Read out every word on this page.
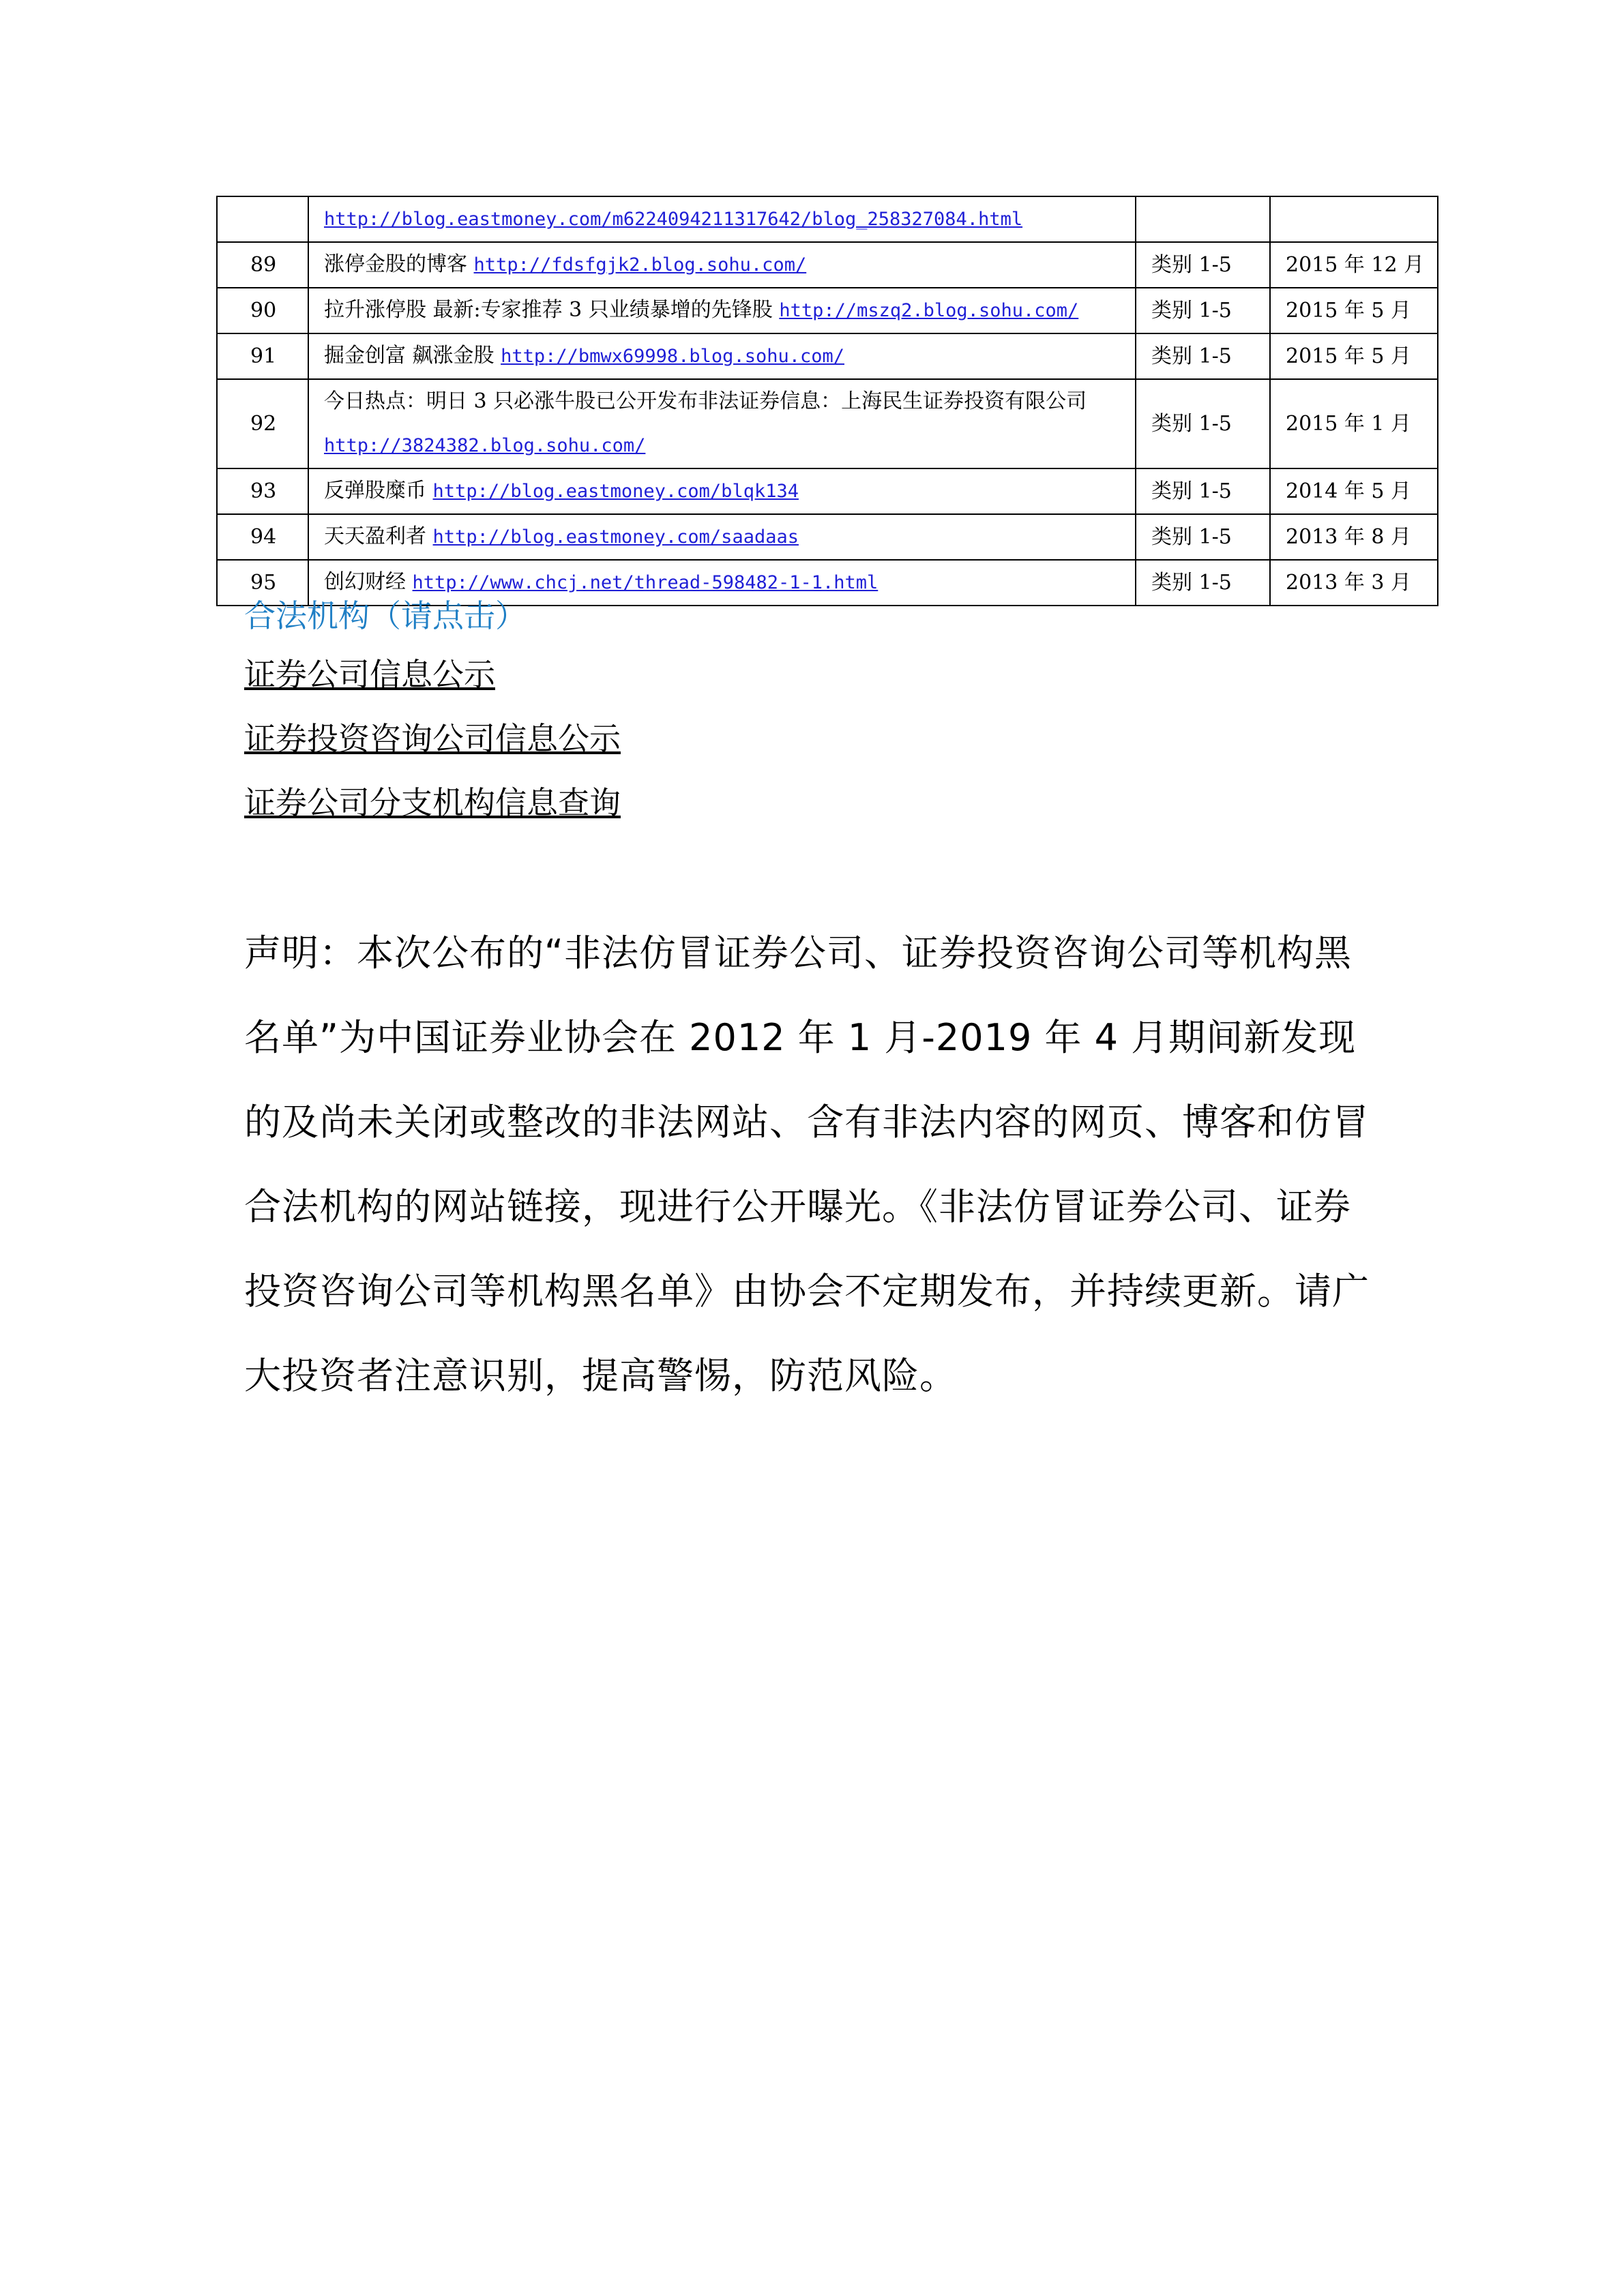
	http://blog.eastmoney.com/m6224094211317642/blog_258327084.html		
89	涨停金股的博客 http://fdsfgjk2.blog.sohu.com/	类别 1-5	2015 年 12 月
90	拉升涨停股 最新:专家推荐 3 只业绩暴增的先锋股 http://mszq2.blog.sohu.com/	类别 1-5	2015 年 5 月
91	掘金创富 飙涨金股 http://bmwx69998.blog.sohu.com/	类别 1-5	2015 年 5 月
92	今日热点：明日 3 只必涨牛股已公开发布非法证券信息：上海民生证券投资有限公司
http://3824382.blog.sohu.com/	类别 1-5	2015 年 1 月
93	反弹股糜币 http://blog.eastmoney.com/blqk134	类别 1-5	2014 年 5 月
94	天天盈利者 http://blog.eastmoney.com/saadaas	类别 1-5	2013 年 8 月
95	创幻财经 http://www.chcj.net/thread-598482-1-1.html	类别 1-5	2013 年 3 月

合法机构（请点击）

证券公司信息公示
证券投资咨询公司信息公示
证券公司分支机构信息查询

声明：本次公布的“非法仿冒证券公司、证券投资咨询公司等机构黑名单”为中国证券业协会在 2012 年 1 月-2019 年 4 月期间新发现的及尚未关闭或整改的非法网站、含有非法内容的网页、博客和仿冒合法机构的网站链接，现进行公开曝光。《非法仿冒证券公司、证券投资咨询公司等机构黑名单》由协会不定期发布，并持续更新。请广大投资者注意识别，提高警惕，防范风险。
